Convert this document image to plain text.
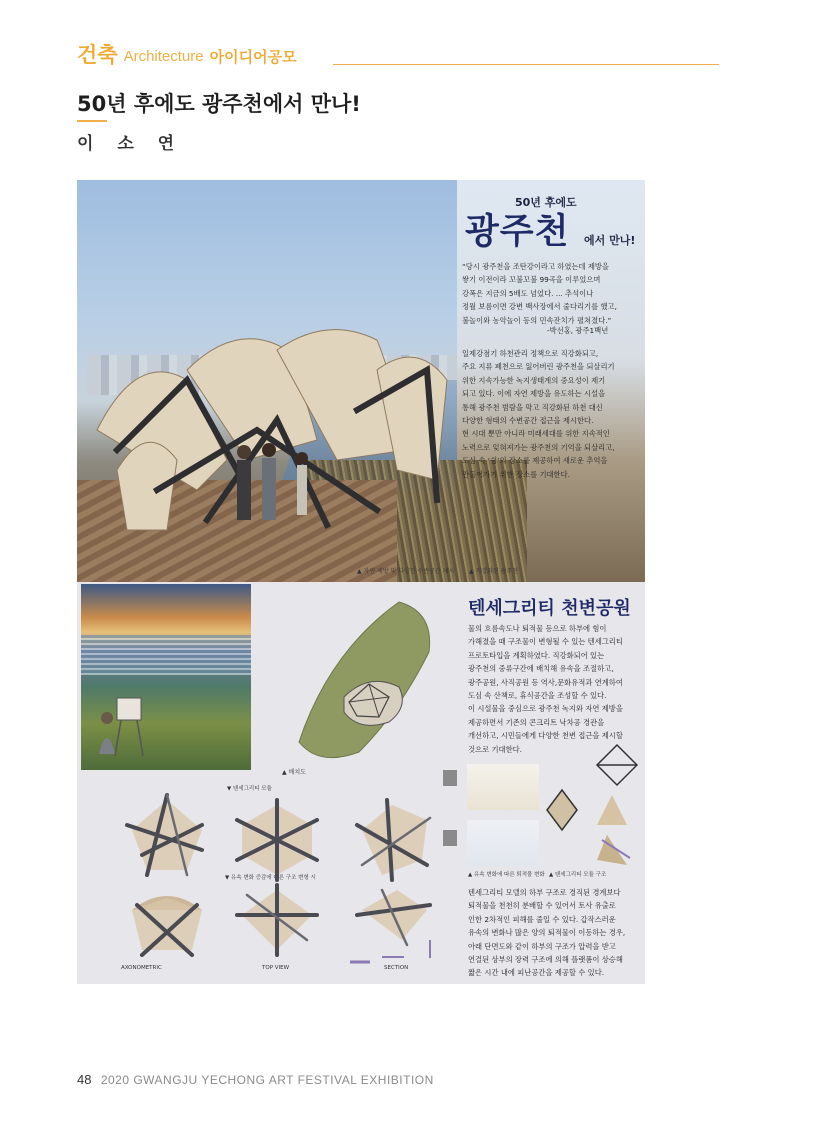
건축 Architecture 아이디어공모
50년 후에도 광주천에서 만나!
이 소 연
50년 후에도
광주천 에서 만나!
“당시 광주천을 조탄강이라고 하였는데 제방을
쌓기 이전이라 꼬불꼬불 99곡을 이루었으며
강폭은 지금의 5배도 넘었다. ... 추석이나
정월 보름이면 강변 백사장에서 줄다리기를 했고,
불놀이와 농악놀이 등의 민속잔치가 펼쳐졌다.”
-박선홍, 광주1백년
일제강점기 하천관리 정책으로 직강화되고,
주요 지류 폐천으로 잃어버린 광주천을 되살리기
위한 지속가능한 녹지생태계의 중요성이 제기
되고 있다. 이에 자연 제방을 유도하는 시설을
통해 광주천 범람을 막고 직강화된 하천 대신
다양한 형태의 수변공간 접근을 제시한다.
현 시대 뿐만 아니라 미래세대를 위한 지속적인
노력으로 잊혀져가는 광주천의 기억을 되살리고,
도심 속 ‘쉼’의 장소를 제공하여 새로운 추억을
만들어가기 위한 장소를 기대한다.
▲ 자연 제방 및 다양한 수변공간 제시 ▲ 직강화된 광주천
▲ 배치도
텐세그리티 천변공원
물의 흐름속도나 퇴적물 등으로 하부에 힘이
가해졌을 때 구조물이 변형될 수 있는 텐세그리티
프로토타입을 계획하였다. 직강화되어 있는
광주천의 중류구간에 배치해 유속을 조절하고,
광주공원, 사직공원 등 역사,문화유적과 연계하여
도심 속 산책로, 휴식공간을 조성할 수 있다.
이 시설물을 중심으로 광주천 녹지와 자연 제방을
제공하면서 기존의 콘크리트 낙차공 경관을
개선하고, 시민들에게 다양한 천변 접근을 제시할
것으로 기대한다.
▼ 텐세그리티 모듈
▼ 유속 변화 증감에 따른 구조 변형 시
AXONOMETRIC	TOP VIEW	SECTION
▲ 유속 변화에 따른 퇴적물 변화 ▲ 텐세그리티 모듈 구조
텐세그리티 모델의 하부 구조로 경직된 경계보다
퇴적물을 천천히 분배할 수 있어서 토사 유출로
인한 2차적인 피해를 줄일 수 있다. 갑작스러운
유속의 변화나 많은 양의 퇴적물이 이동하는 경우,
아래 단면도와 같이 하부의 구조가 압력을 받고
연결된 상부의 장력 구조에 의해 플랫폼이 상승해
짧은 시간 내에 피난공간을 제공할 수 있다.
48 2020 GWANGJU YECHONG ART FESTIVAL EXHIBITION
